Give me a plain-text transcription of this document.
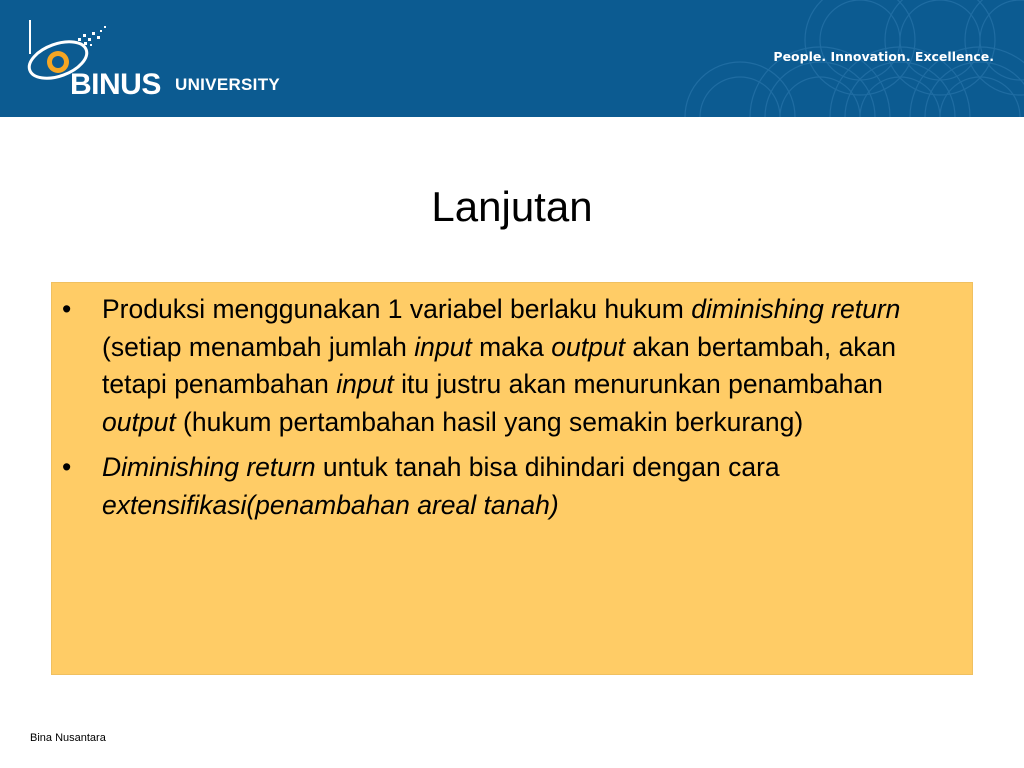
BINUS UNIVERSITY
People. Innovation. Excellence.
Lanjutan
• Produksi menggunakan 1 variabel berlaku hukum diminishing return (setiap menambah jumlah input maka output akan bertambah, akan tetapi penambahan input itu justru akan menurunkan penambahan output (hukum pertambahan hasil yang semakin berkurang)
• Diminishing return untuk tanah bisa dihindari dengan cara extensifikasi(penambahan areal tanah)
Bina Nusantara
